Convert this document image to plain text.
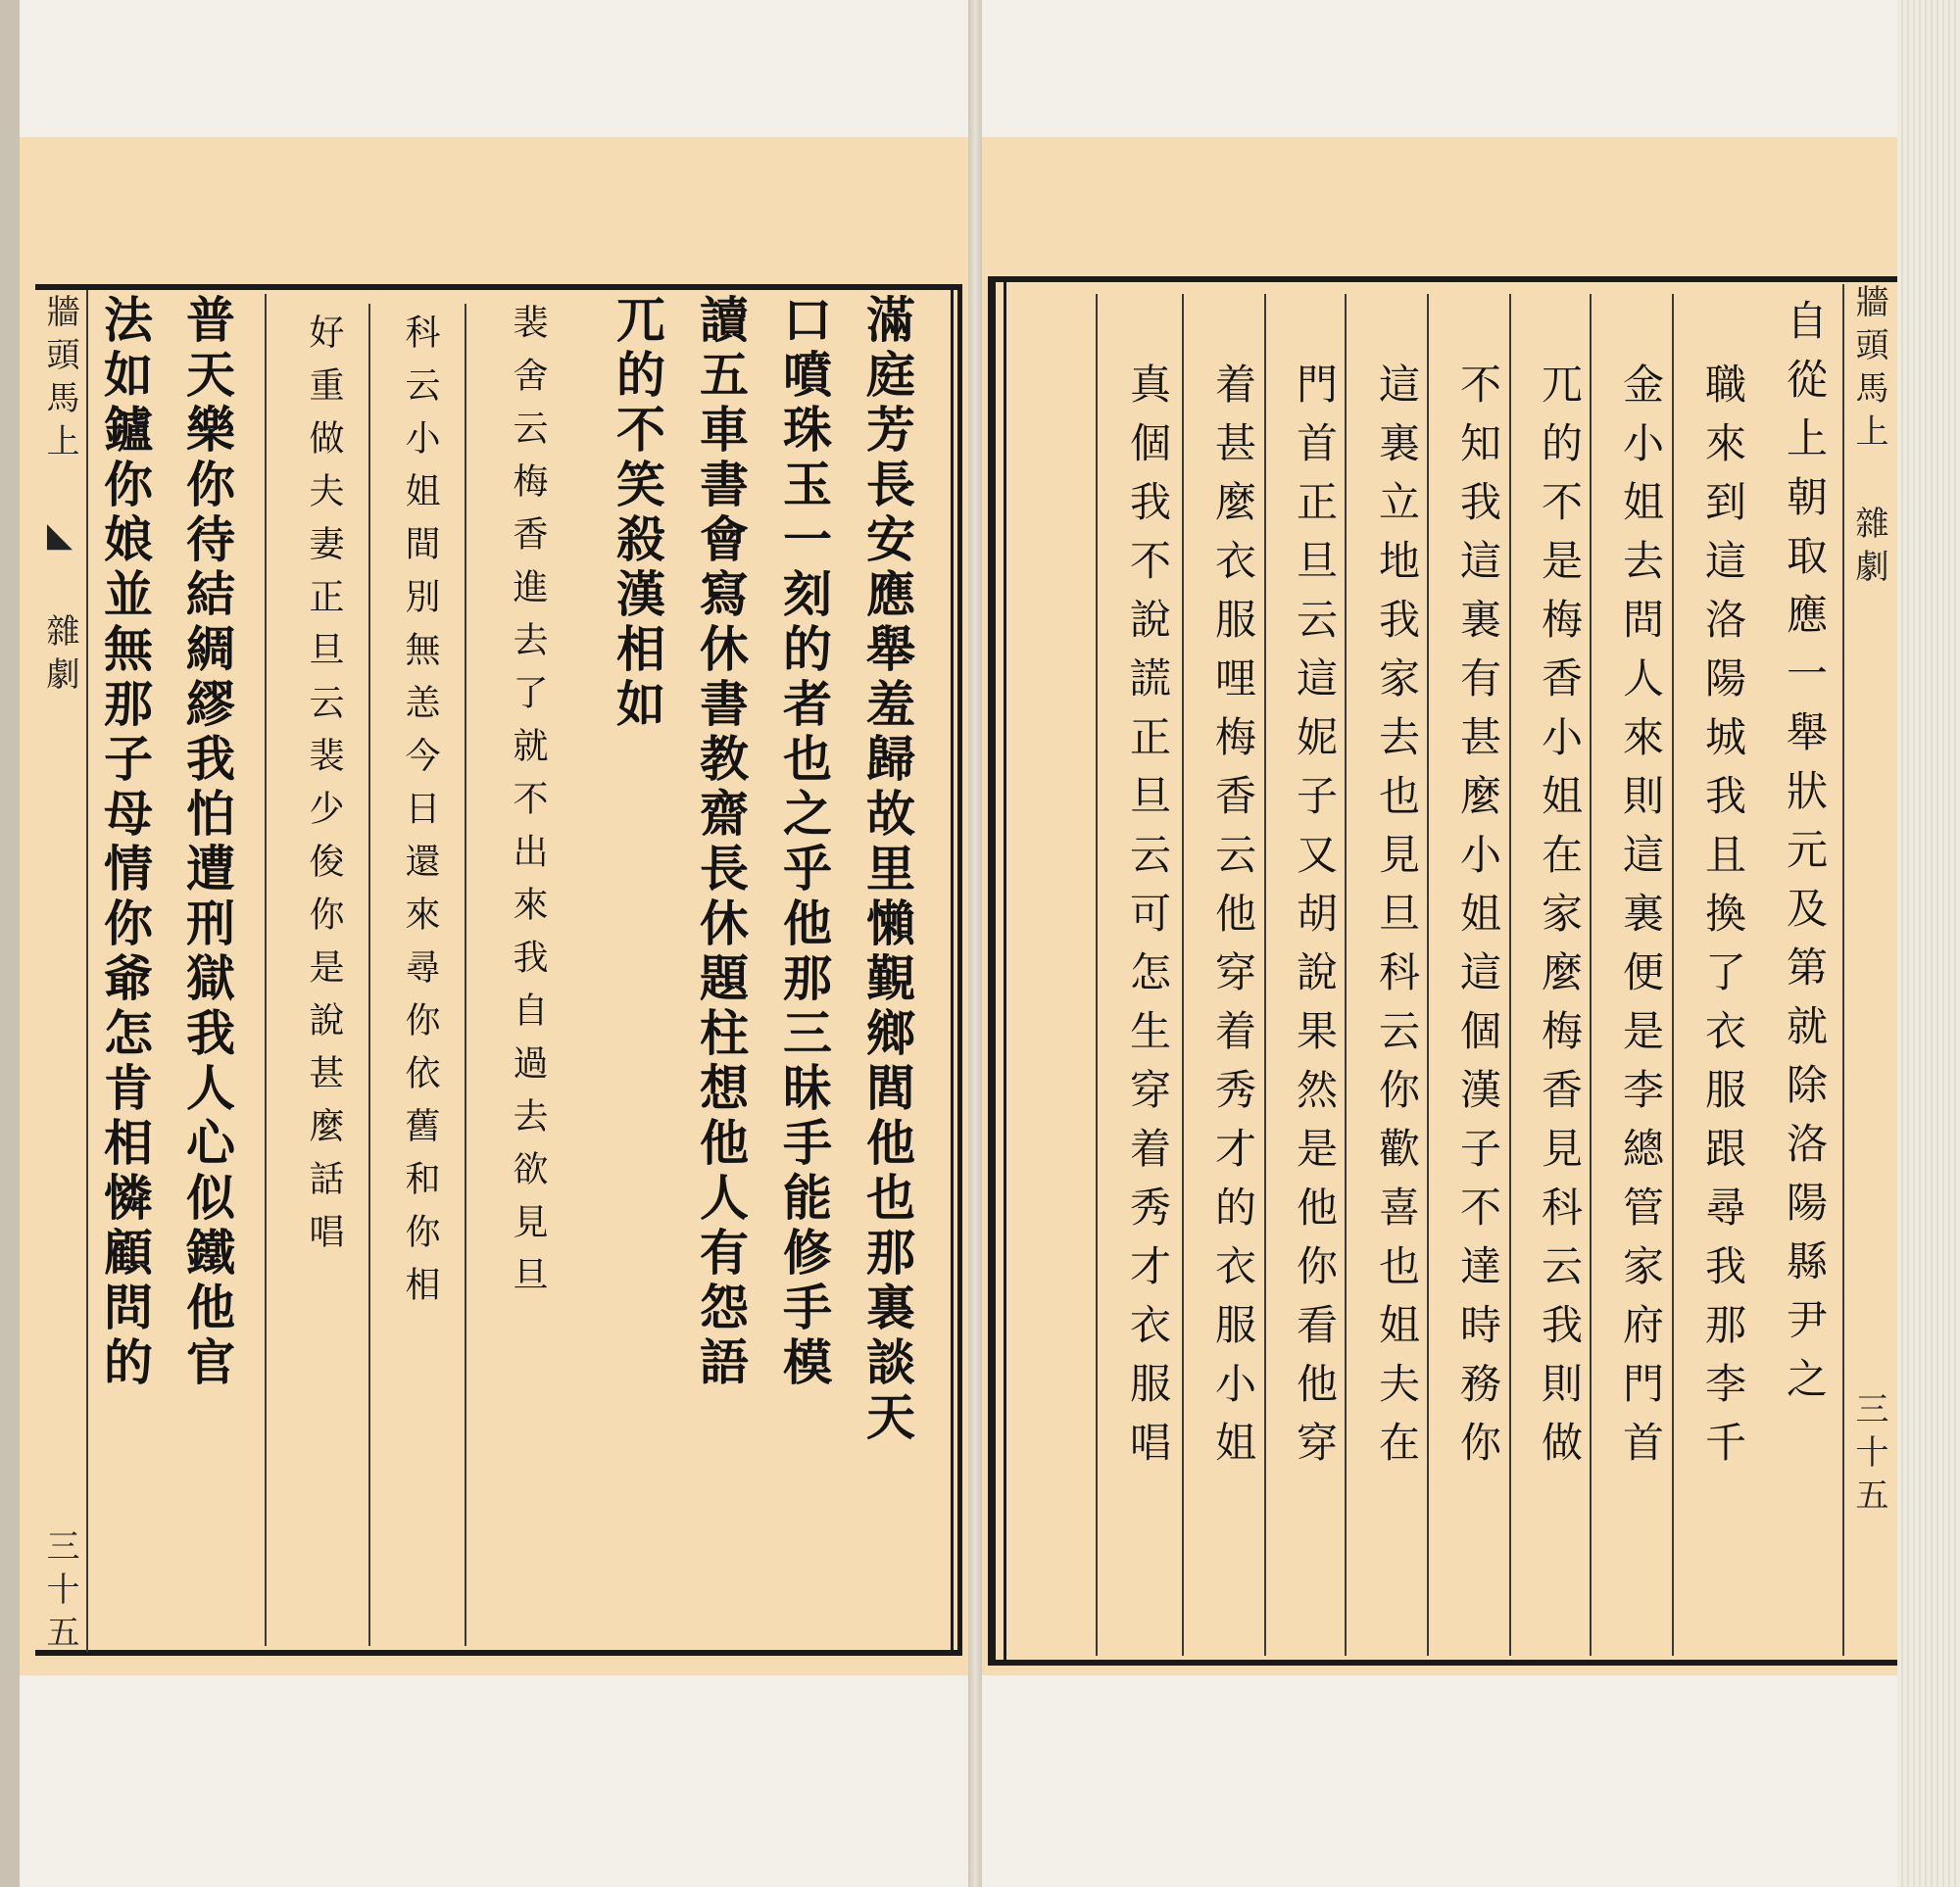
牆頭馬上 ◣ 雜劇
三十五
滿庭芳長安應舉羞歸故里懶覲鄉閭他也那裏談天
口噴珠玉一刻的者也之乎他那三昧手能修手模
讀五車書會寫休書教齋長休題柱想他人有怨語
兀的不笑殺漢相如
裴舍云梅香進去了就不出來我自過去欲見旦
科云小姐間別無恙今日還來尋你依舊和你相
好重做夫妻正旦云裴少俊你是說甚麼話唱
普天樂你待結綢繆我怕遭刑獄我人心似鐵他官
法如鑪你娘並無那子母情你爺怎肯相憐顧問的	牆頭馬上 雜劇
三十五
自從上朝取應一舉狀元及第就除洛陽縣尹之
職來到這洛陽城我且換了衣服跟尋我那李千
金小姐去問人來則這裏便是李總管家府門首
兀的不是梅香小姐在家麼梅香見科云我則做
不知我這裏有甚麼小姐這個漢子不達時務你
這裏立地我家去也見旦科云你歡喜也姐夫在
門首正旦云這妮子又胡說果然是他你看他穿
着甚麼衣服哩梅香云他穿着秀才的衣服小姐
真個我不說謊正旦云可怎生穿着秀才衣服唱
